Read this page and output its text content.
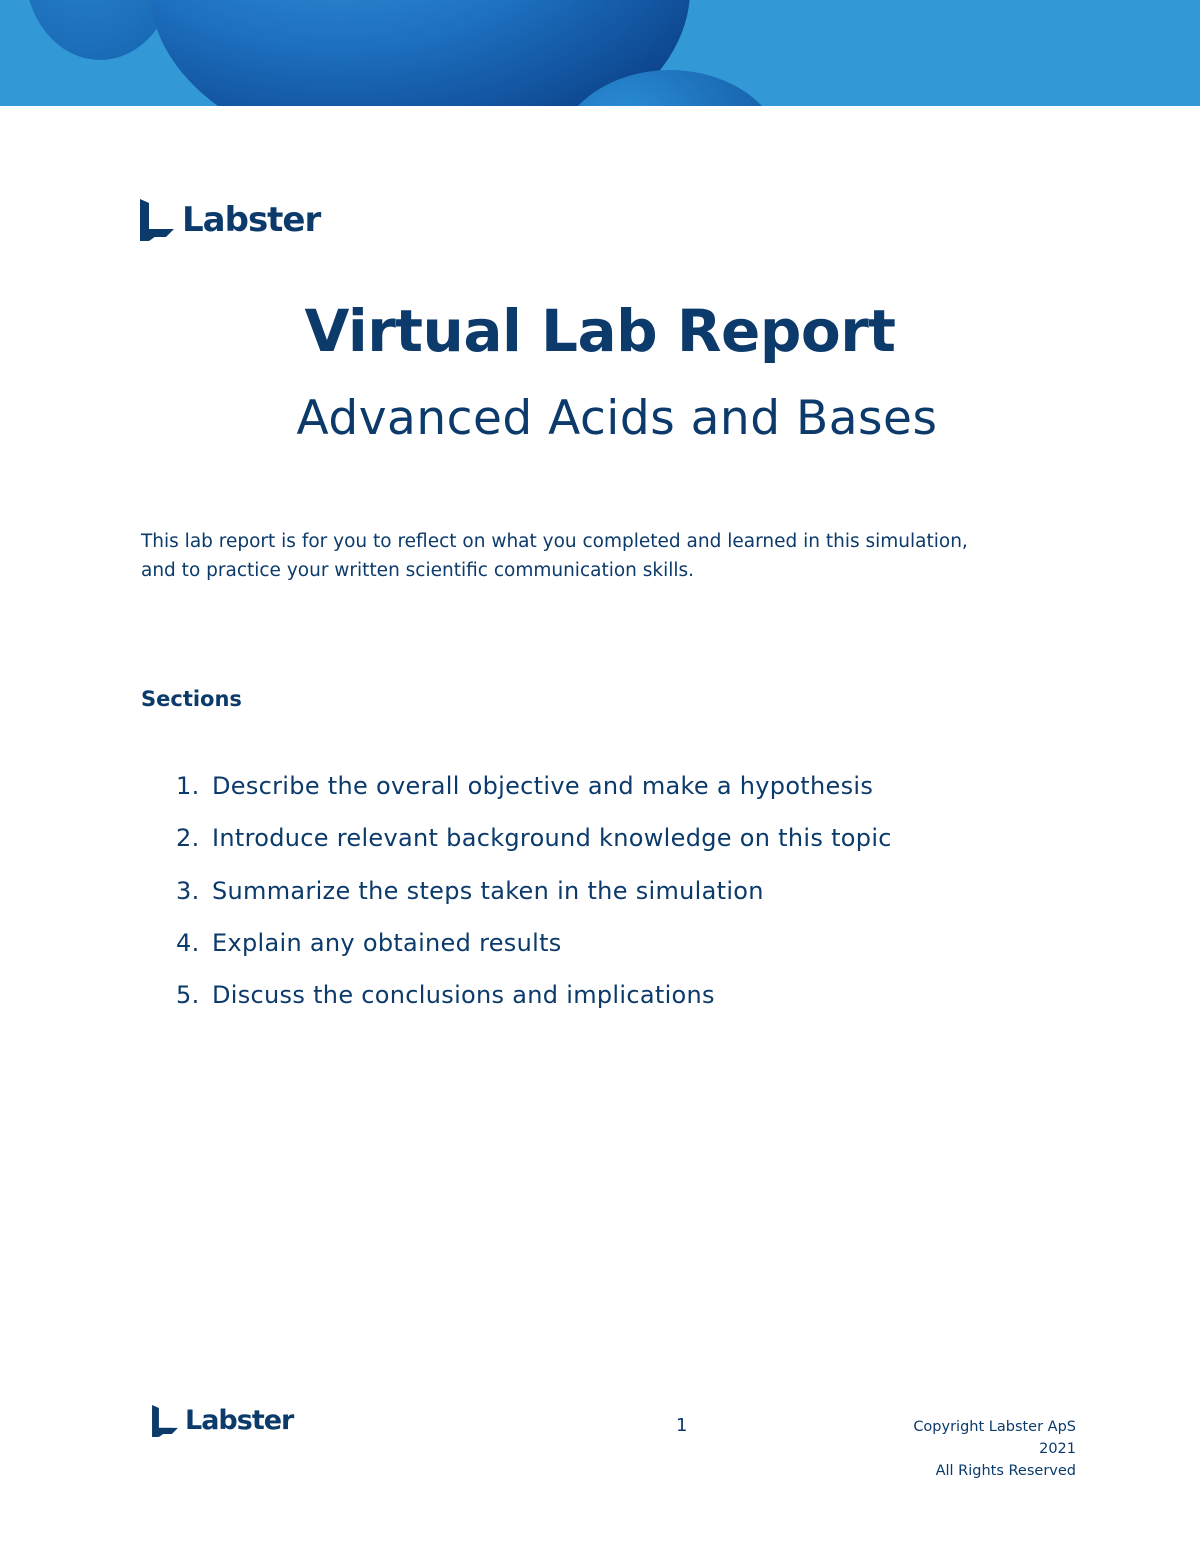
Labster
Virtual Lab Report
Advanced Acids and Bases
This lab report is for you to reflect on what you completed and learned in this simulation,
and to practice your written scientific communication skills.
Sections
1. Describe the overall objective and make a hypothesis
2. Introduce relevant background knowledge on this topic
3. Summarize the steps taken in the simulation
4. Explain any obtained results
5. Discuss the conclusions and implications
Labster	1	Copyright Labster ApS
2021
All Rights Reserved
